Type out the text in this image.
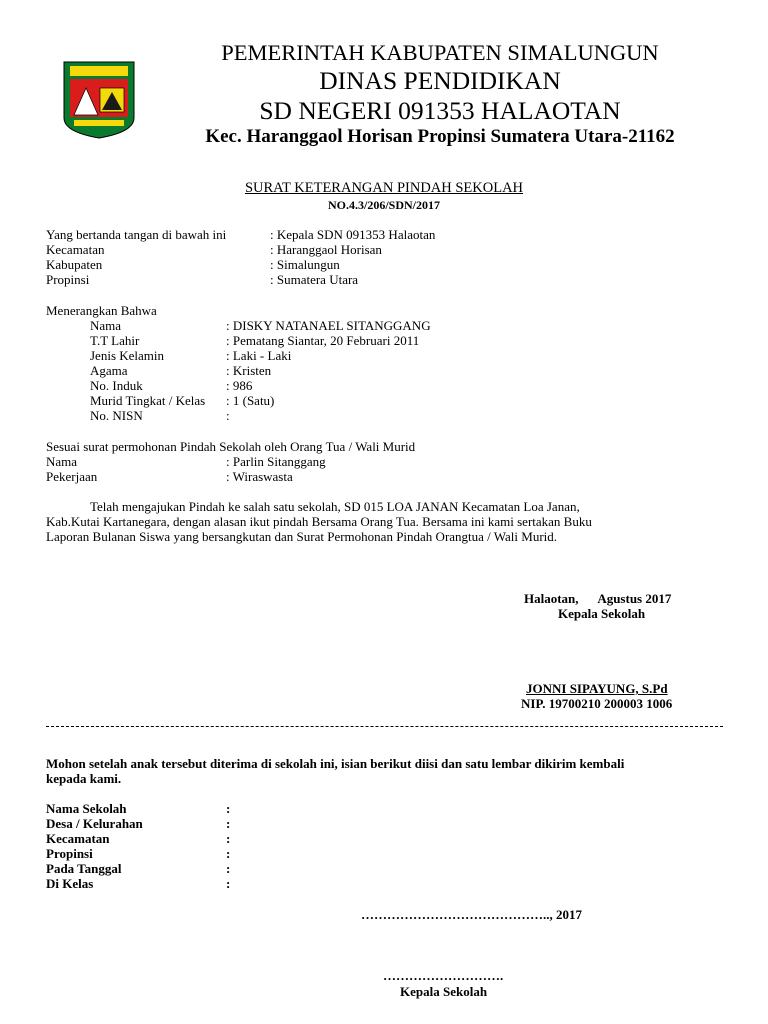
PEMERINTAH KABUPATEN SIMALUNGUN
DINAS PENDIDIKAN
SD NEGERI 091353 HALAOTAN
Kec. Haranggaol Horisan Propinsi Sumatera Utara-21162
SURAT KETERANGAN PINDAH SEKOLAH
NO.4.3/206/SDN/2017
Yang bertanda tangan di bawah ini	: Kepala SDN 091353 Halaotan
Kecamatan	: Haranggaol Horisan
Kabupaten	: Simalungun
Propinsi	: Sumatera Utara
Menerangkan Bahwa
Nama	: DISKY NATANAEL SITANGGANG
T.T Lahir	: Pematang Siantar, 20 Februari 2011
Jenis Kelamin	: Laki - Laki
Agama	: Kristen
No. Induk	: 986
Murid Tingkat / Kelas : 1 (Satu)
No. NISN	:
Sesuai surat permohonan Pindah Sekolah oleh Orang Tua / Wali Murid
Nama	: Parlin Sitanggang
Pekerjaan	: Wiraswasta
Telah mengajukan Pindah ke salah satu sekolah, SD 015 LOA JANAN Kecamatan Loa Janan,
Kab.Kutai Kartanegara, dengan alasan ikut pindah Bersama Orang Tua. Bersama ini kami sertakan Buku
Laporan Bulanan Siswa yang bersangkutan dan Surat Permohonan Pindah Orangtua / Wali Murid.
Halaotan,      Agustus 2017
Kepala Sekolah
JONNI SIPAYUNG, S.Pd
NIP. 19700210 200003 1006
Mohon setelah anak tersebut diterima di sekolah ini, isian berikut diisi dan satu lembar dikirim kembali
kepada kami.
Nama Sekolah	:
Desa / Kelurahan	:
Kecamatan	:
Propinsi	:
Pada Tanggal	:
Di Kelas	:
…………………………………….., 2017
……………………….
Kepala Sekolah
